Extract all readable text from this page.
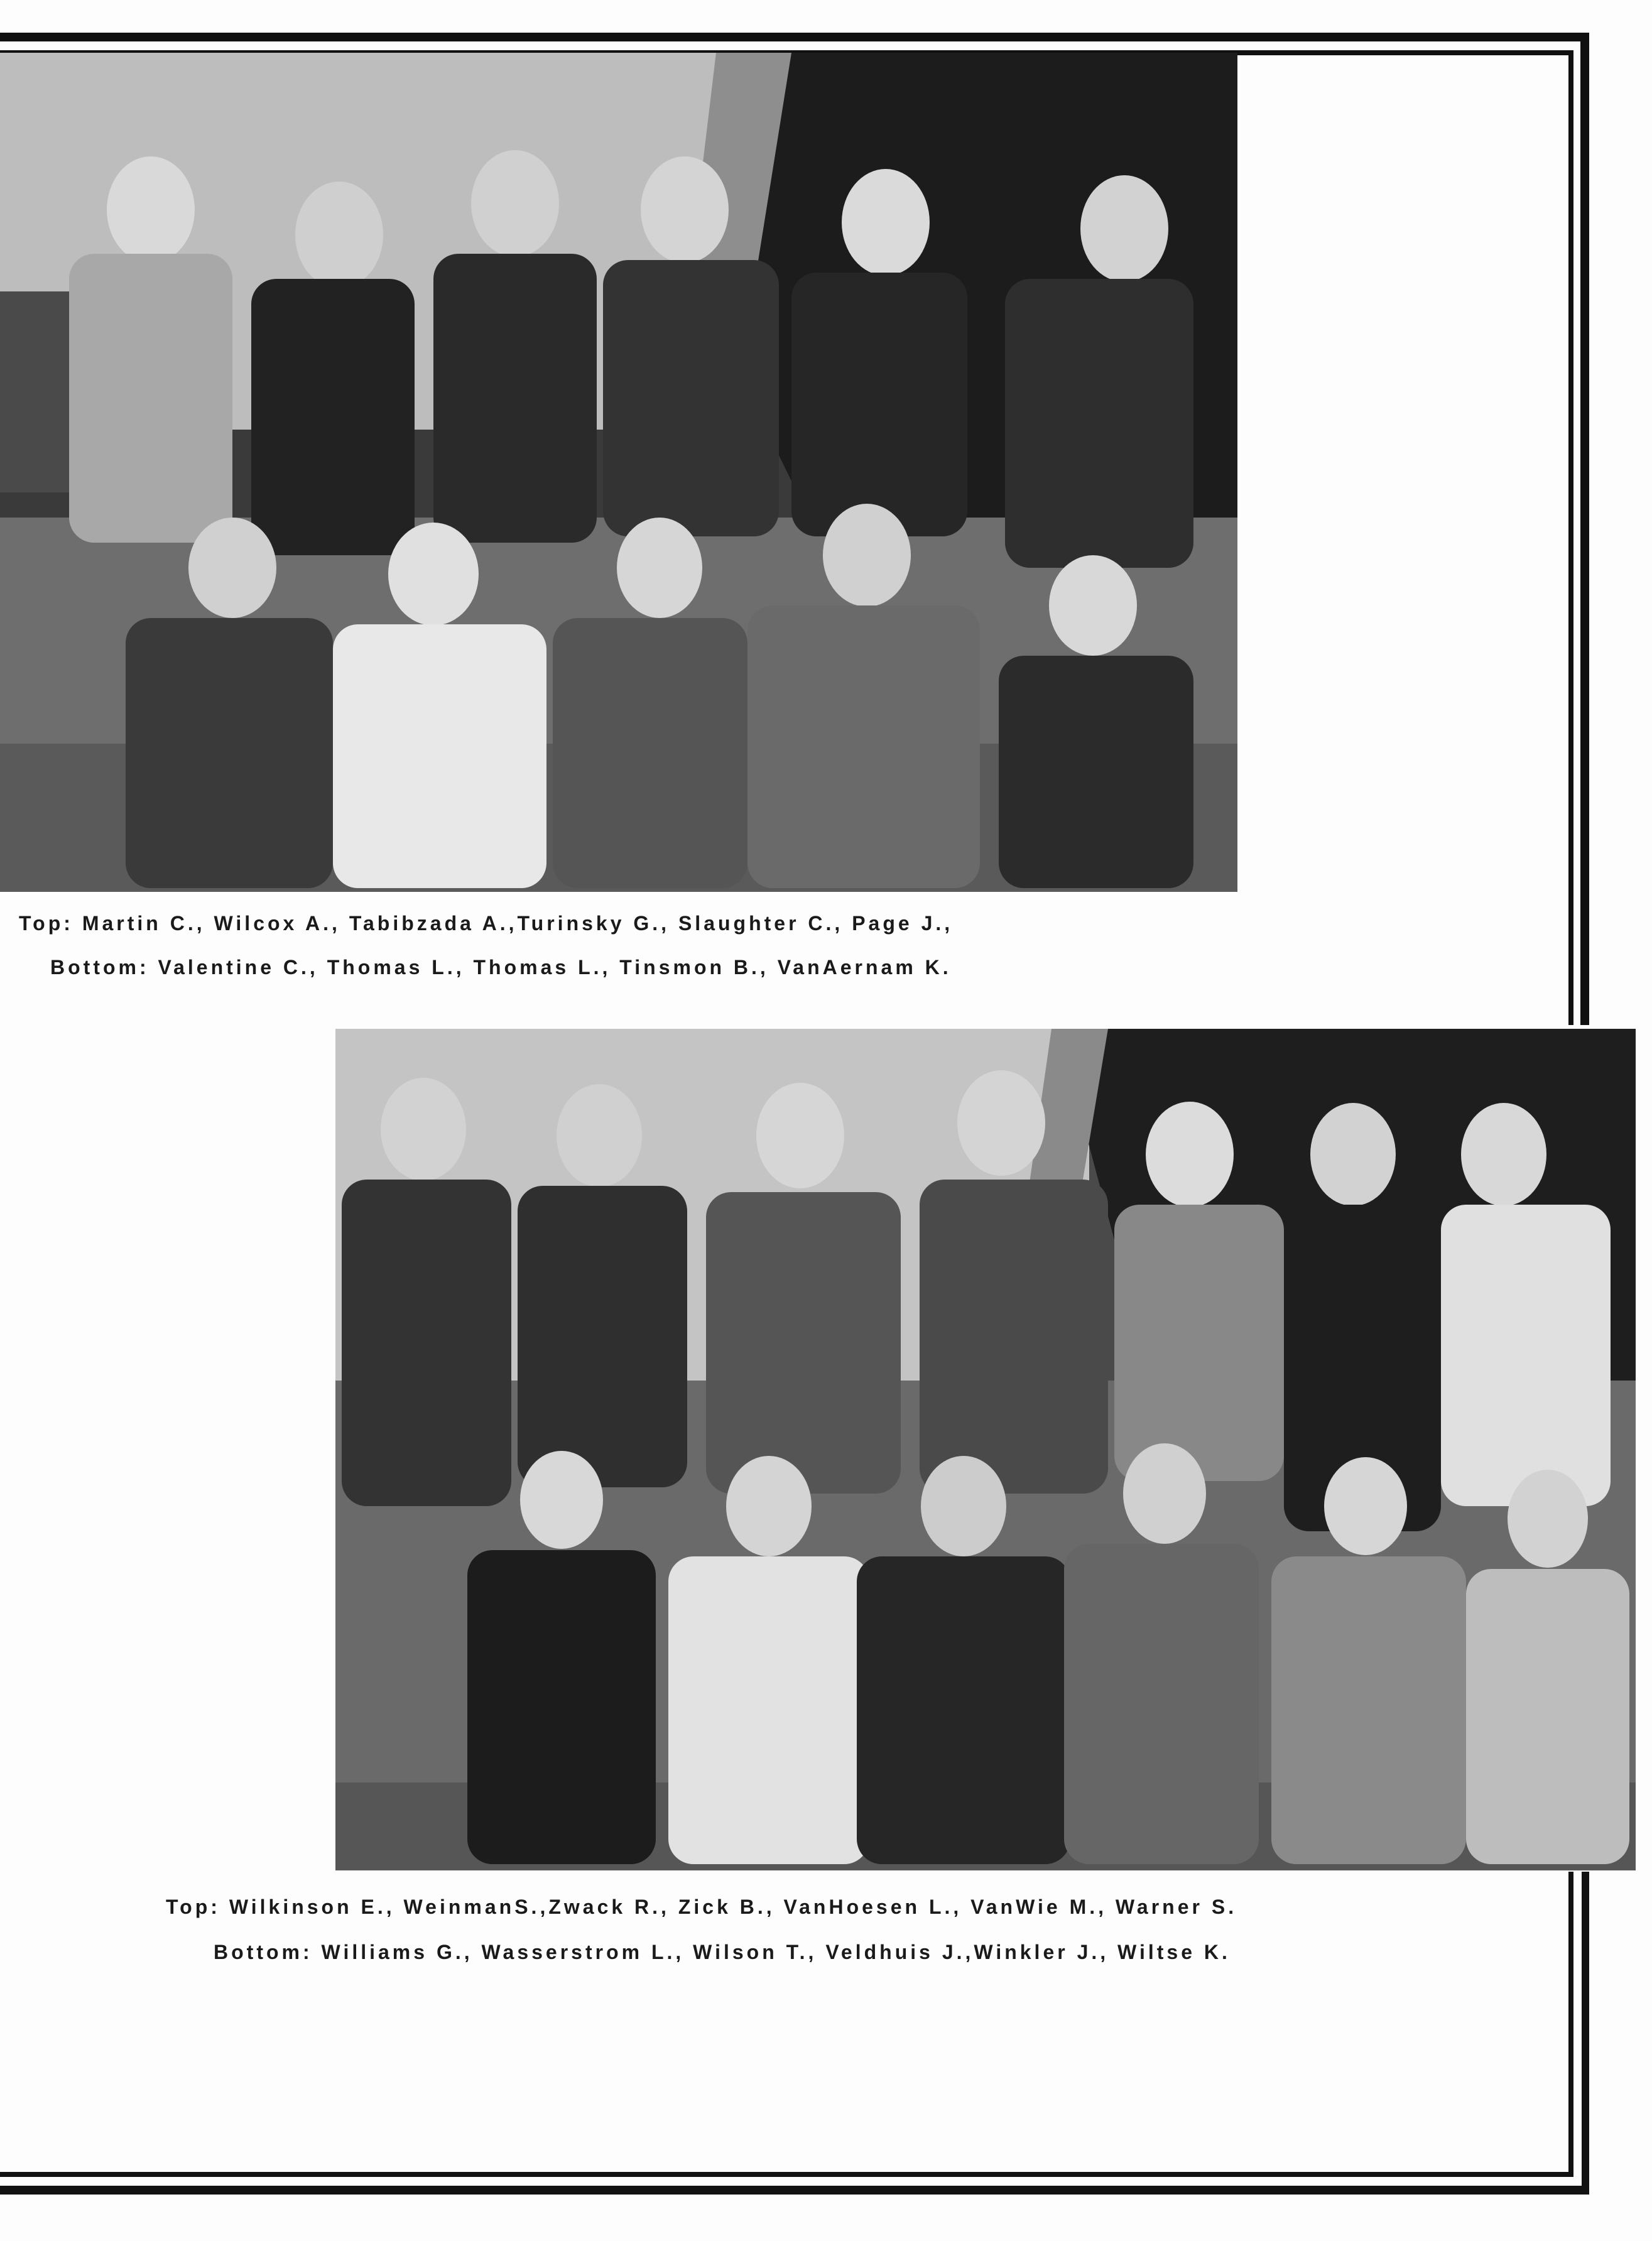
Top: Martin C., Wilcox A., Tabibzada A.,Turinsky G., Slaughter C., Page J.,
Bottom: Valentine C., Thomas L., Thomas L., Tinsmon B., VanAernam K.
Top: Wilkinson E., WeinmanS.,Zwack R., Zick B., VanHoesen L., VanWie M., Warner S.
Bottom: Williams G., Wasserstrom L., Wilson T., Veldhuis J.,Winkler J., Wiltse K.
